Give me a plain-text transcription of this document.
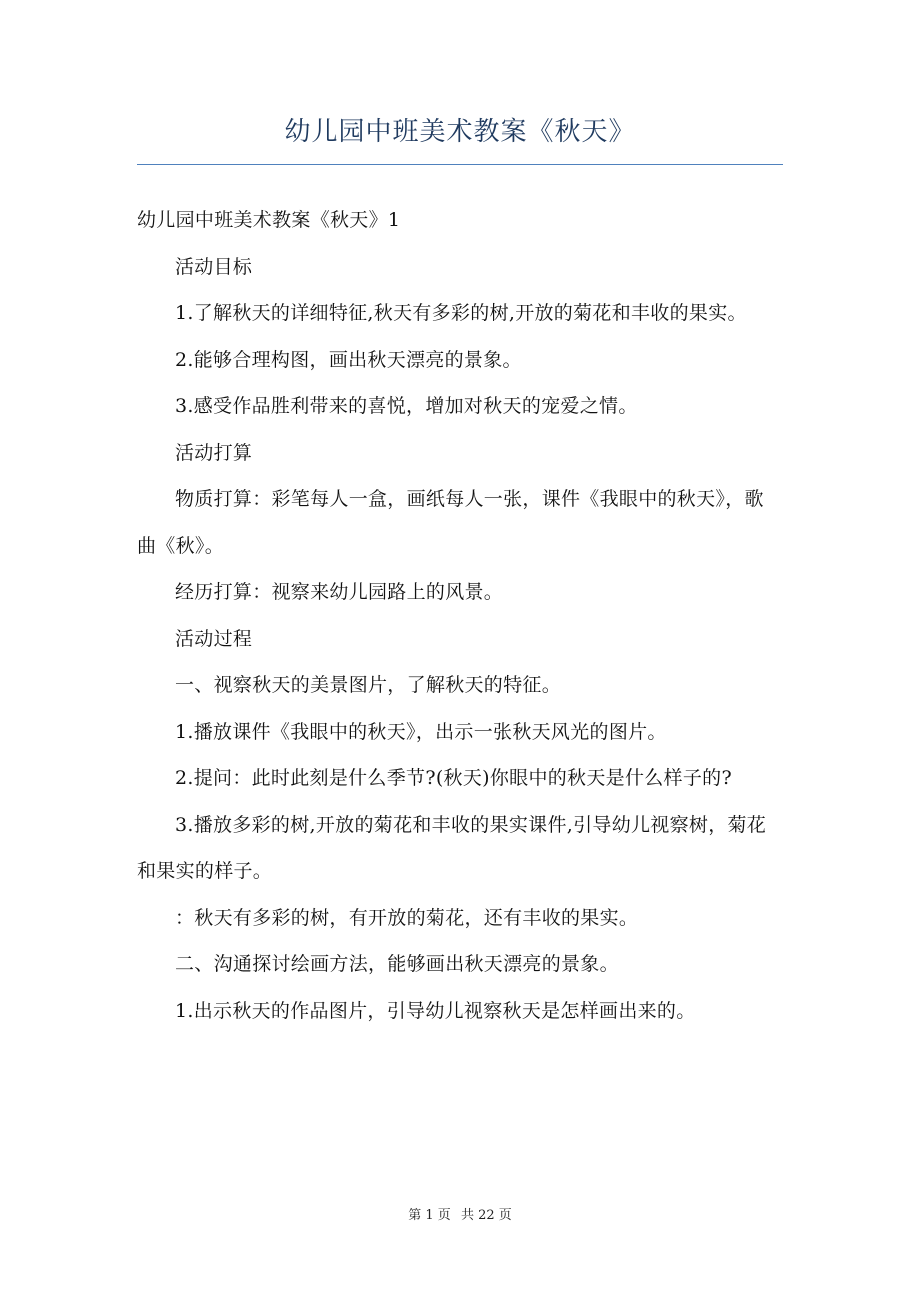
幼儿园中班美术教案《秋天》

幼儿园中班美术教案《秋天》1

活动目标

1.了解秋天的详细特征,秋天有多彩的树,开放的菊花和丰收的果实。

2.能够合理构图，画出秋天漂亮的景象。

3.感受作品胜利带来的喜悦，增加对秋天的宠爱之情。

活动打算

物质打算：彩笔每人一盒，画纸每人一张，课件《我眼中的秋天》，歌曲《秋》。

经历打算：视察来幼儿园路上的风景。

活动过程

一、视察秋天的美景图片，了解秋天的特征。

1.播放课件《我眼中的秋天》，出示一张秋天风光的图片。

2.提问：此时此刻是什么季节?(秋天)你眼中的秋天是什么样子的?

3.播放多彩的树,开放的菊花和丰收的果实课件,引导幼儿视察树，菊花和果实的样子。

：秋天有多彩的树，有开放的菊花，还有丰收的果实。

二、沟通探讨绘画方法，能够画出秋天漂亮的景象。

1.出示秋天的作品图片，引导幼儿视察秋天是怎样画出来的。

第 1 页 共 22 页
